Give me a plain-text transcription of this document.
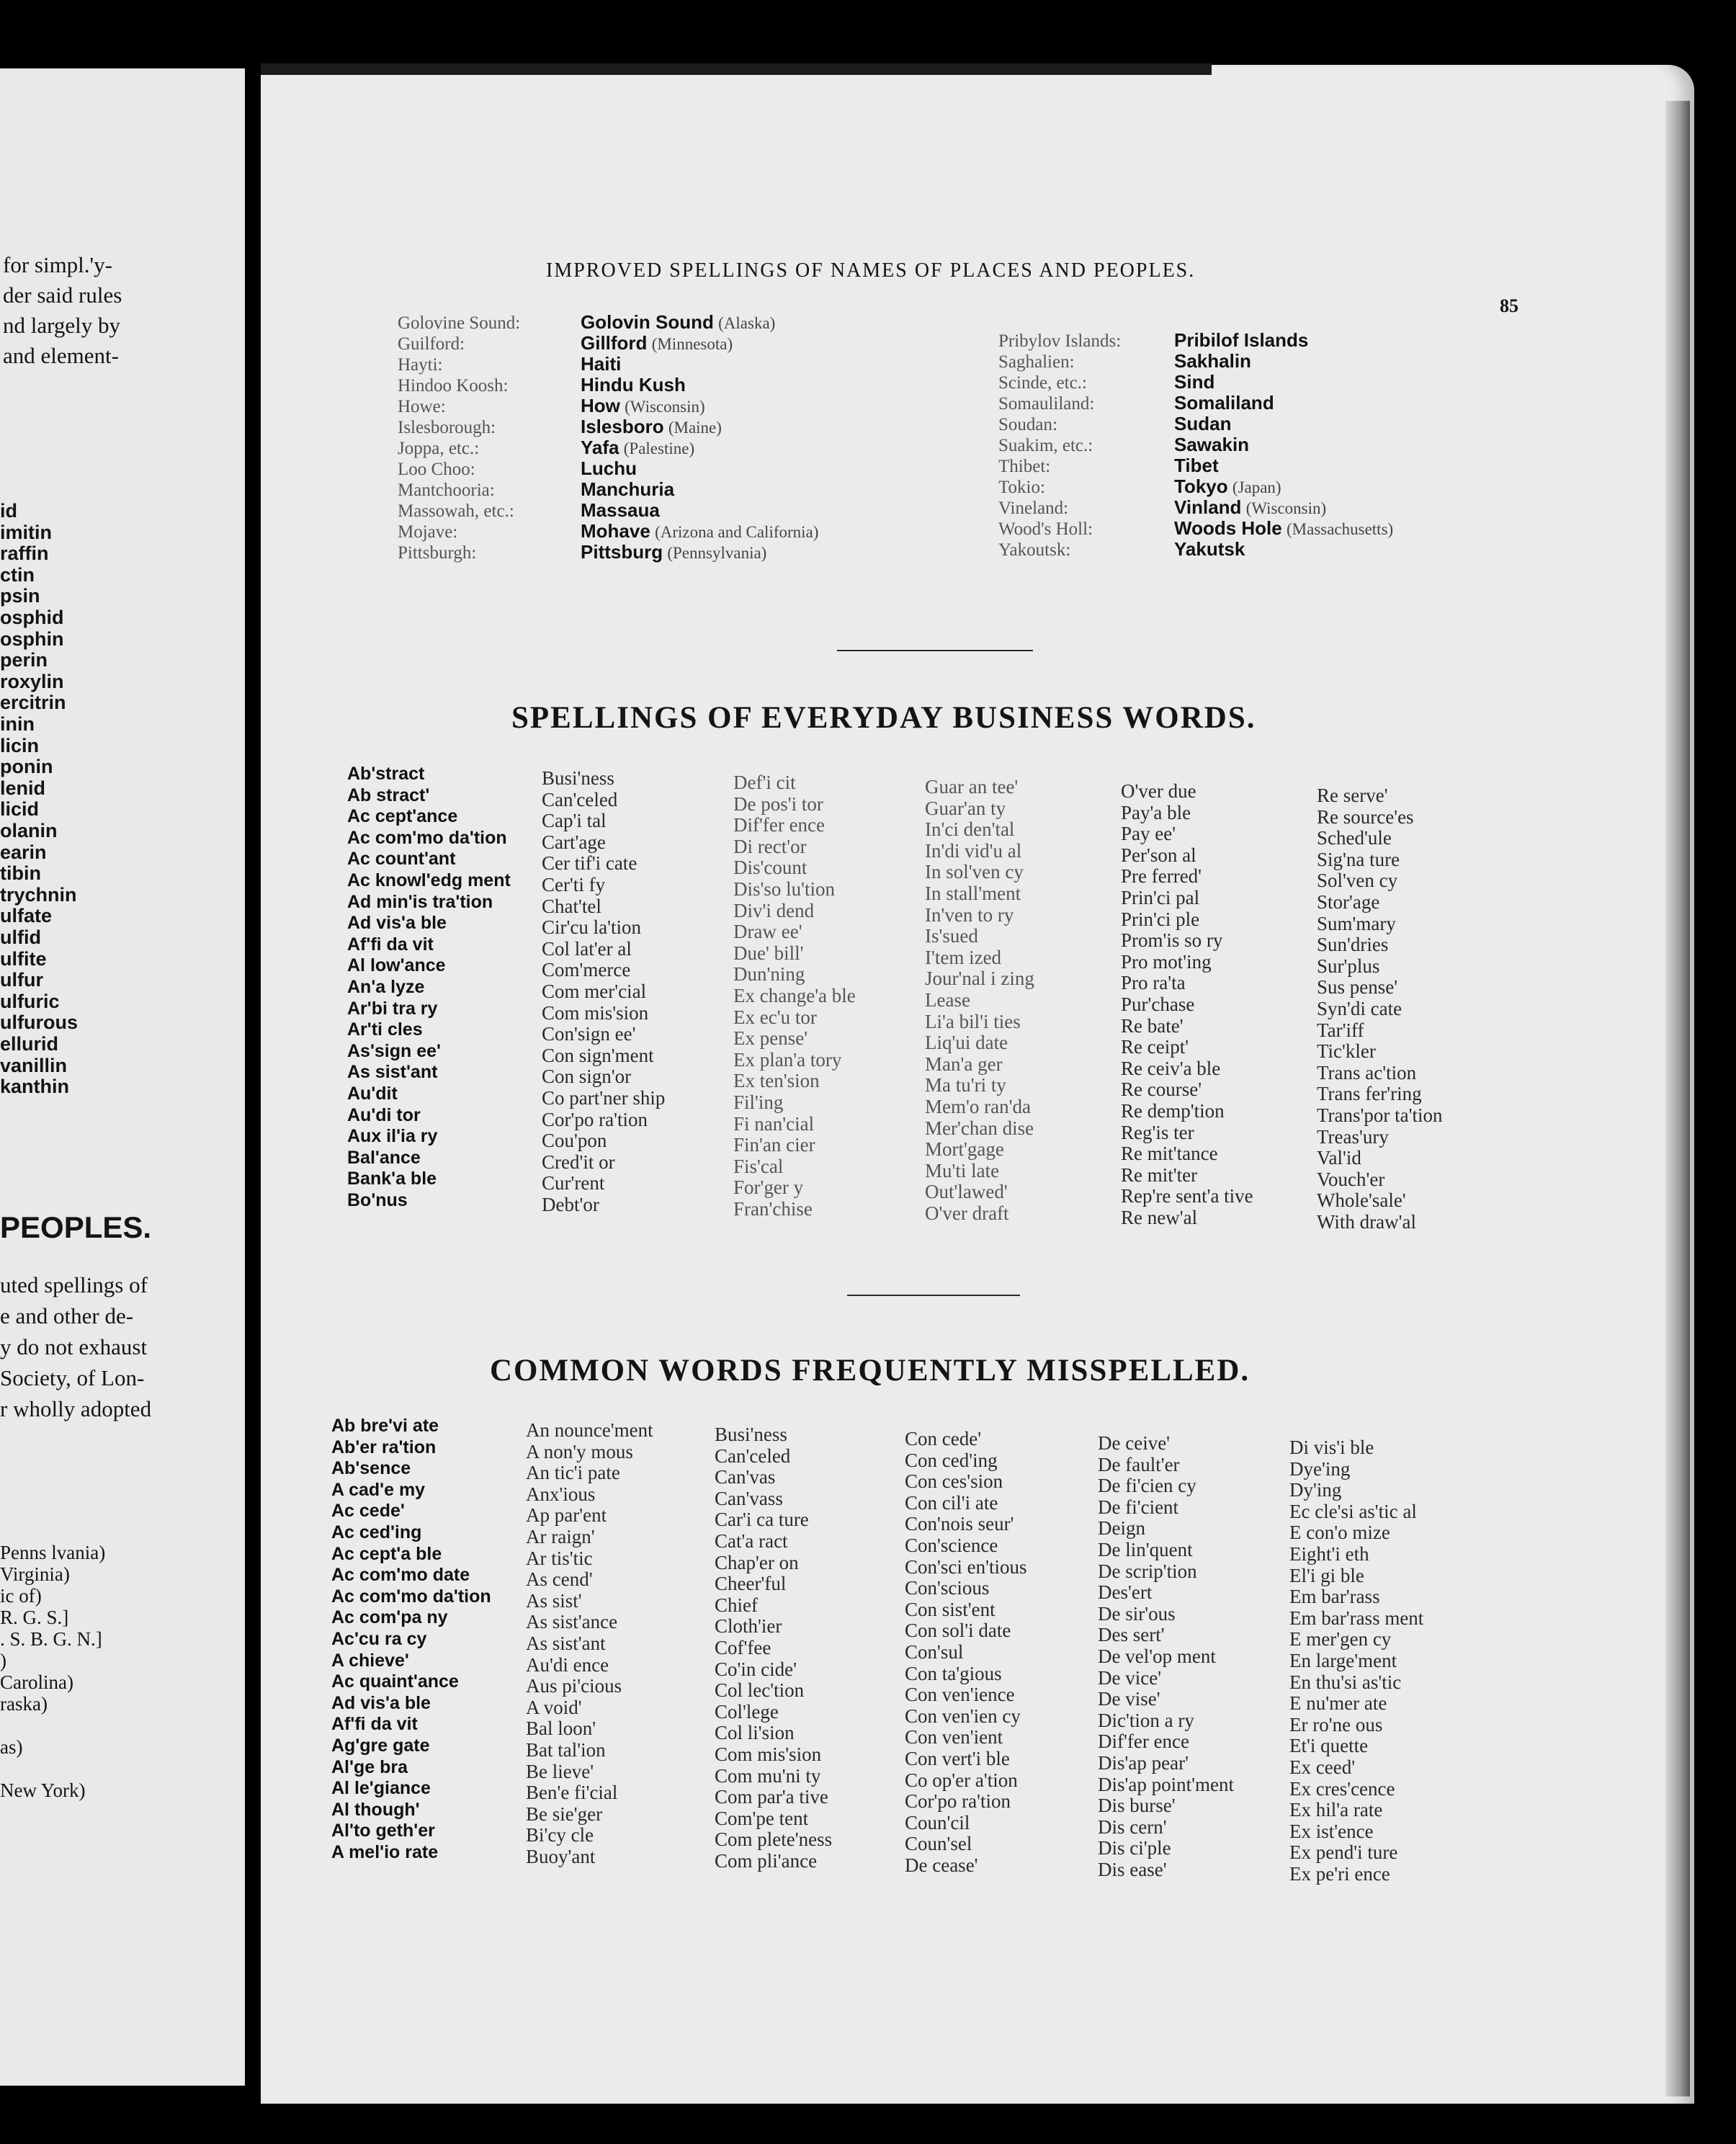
for simpl.'y-
der said rules
nd largely by
and element-
id
imitin
raffin
ctin
psin
osphid
osphin
perin
roxylin
ercitrin
inin
licin
ponin
lenid
licid
olanin
earin
tibin
trychnin
ulfate
ulfid
ulfite
ulfur
ulfuric
ulfurous
ellurid
vanillin
kanthin
PEOPLES.
uted spellings of
e and other de-
y do not exhaust
Society, of Lon-
r wholly adopted
Penns lvania)
Virginia)
ic of)
R. G. S.]
. S. B. G. N.]
)
Carolina)
raska)
as)
New York)
IMPROVED SPELLINGS OF NAMES OF PLACES AND PEOPLES.
85
Golovine Sound:	Golovin Sound (Alaska)
Guilford:	Gillford (Minnesota)
Hayti:	Haiti
Hindoo Koosh:	Hindu Kush
Howe:	How (Wisconsin)
Islesborough:	Islesboro (Maine)
Joppa, etc.:	Yafa (Palestine)
Loo Choo:	Luchu
Mantchooria:	Manchuria
Massowah, etc.:	Massaua
Mojave:	Mohave (Arizona and California)
Pittsburgh:	Pittsburg (Pennsylvania)
Pribylov Islands:	Pribilof Islands
Saghalien:	Sakhalin
Scinde, etc.:	Sind
Somauliland:	Somaliland
Soudan:	Sudan
Suakim, etc.:	Sawakin
Thibet:	Tibet
Tokio:	Tokyo (Japan)
Vineland:	Vinland (Wisconsin)
Wood's Holl:	Woods Hole (Massachusetts)
Yakoutsk:	Yakutsk
SPELLINGS OF EVERYDAY BUSINESS WORDS.
Ab'stract
Ab stract'
Ac cept'ance
Ac com'mo da'tion
Ac count'ant
Ac knowl'edg ment
Ad min'is tra'tion
Ad vis'a ble
Af'fi da vit
Al low'ance
An'a lyze
Ar'bi tra ry
Ar'ti cles
As'sign ee'
As sist'ant
Au'dit
Au'di tor
Aux il'ia ry
Bal'ance
Bank'a ble
Bo'nus
Busi'ness
Can'celed
Cap'i tal
Cart'age
Cer tif'i cate
Cer'ti fy
Chat'tel
Cir'cu la'tion
Col lat'er al
Com'merce
Com mer'cial
Com mis'sion
Con'sign ee'
Con sign'ment
Con sign'or
Co part'ner ship
Cor'po ra'tion
Cou'pon
Cred'it or
Cur'rent
Debt'or
Def'i cit
De pos'i tor
Dif'fer ence
Di rect'or
Dis'count
Dis'so lu'tion
Div'i dend
Draw ee'
Due' bill'
Dun'ning
Ex change'a ble
Ex ec'u tor
Ex pense'
Ex plan'a tory
Ex ten'sion
Fil'ing
Fi nan'cial
Fin'an cier
Fis'cal
For'ger y
Fran'chise
Guar an tee'
Guar'an ty
In'ci den'tal
In'di vid'u al
In sol'ven cy
In stall'ment
In'ven to ry
Is'sued
I'tem ized
Jour'nal i zing
Lease
Li'a bil'i ties
Liq'ui date
Man'a ger
Ma tu'ri ty
Mem'o ran'da
Mer'chan dise
Mort'gage
Mu'ti late
Out'lawed'
O'ver draft
O'ver due
Pay'a ble
Pay ee'
Per'son al
Pre ferred'
Prin'ci pal
Prin'ci ple
Prom'is so ry
Pro mot'ing
Pro ra'ta
Pur'chase
Re bate'
Re ceipt'
Re ceiv'a ble
Re course'
Re demp'tion
Reg'is ter
Re mit'tance
Re mit'ter
Rep're sent'a tive
Re new'al
Re serve'
Re source'es
Sched'ule
Sig'na ture
Sol'ven cy
Stor'age
Sum'mary
Sun'dries
Sur'plus
Sus pense'
Syn'di cate
Tar'iff
Tic'kler
Trans ac'tion
Trans fer'ring
Trans'por ta'tion
Treas'ury
Val'id
Vouch'er
Whole'sale'
With draw'al
COMMON WORDS FREQUENTLY MISSPELLED.
Ab bre'vi ate
Ab'er ra'tion
Ab'sence
A cad'e my
Ac cede'
Ac ced'ing
Ac cept'a ble
Ac com'mo date
Ac com'mo da'tion
Ac com'pa ny
Ac'cu ra cy
A chieve'
Ac quaint'ance
Ad vis'a ble
Af'fi da vit
Ag'gre gate
Al'ge bra
Al le'giance
Al though'
Al'to geth'er
A mel'io rate
An nounce'ment
A non'y mous
An tic'i pate
Anx'ious
Ap par'ent
Ar raign'
Ar tis'tic
As cend'
As sist'
As sist'ance
As sist'ant
Au'di ence
Aus pi'cious
A void'
Bal loon'
Bat tal'ion
Be lieve'
Ben'e fi'cial
Be sie'ger
Bi'cy cle
Buoy'ant
Busi'ness
Can'celed
Can'vas
Can'vass
Car'i ca ture
Cat'a ract
Chap'er on
Cheer'ful
Chief
Cloth'ier
Cof'fee
Co'in cide'
Col lec'tion
Col'lege
Col li'sion
Com mis'sion
Com mu'ni ty
Com par'a tive
Com'pe tent
Com plete'ness
Com pli'ance
Con cede'
Con ced'ing
Con ces'sion
Con cil'i ate
Con'nois seur'
Con'science
Con'sci en'tious
Con'scious
Con sist'ent
Con sol'i date
Con'sul
Con ta'gious
Con ven'ience
Con ven'ien cy
Con ven'ient
Con vert'i ble
Co op'er a'tion
Cor'po ra'tion
Coun'cil
Coun'sel
De cease'
De ceive'
De fault'er
De fi'cien cy
De fi'cient
Deign
De lin'quent
De scrip'tion
Des'ert
De sir'ous
Des sert'
De vel'op ment
De vice'
De vise'
Dic'tion a ry
Dif'fer ence
Dis'ap pear'
Dis'ap point'ment
Dis burse'
Dis cern'
Dis ci'ple
Dis ease'
Di vis'i ble
Dye'ing
Dy'ing
Ec cle'si as'tic al
E con'o mize
Eight'i eth
El'i gi ble
Em bar'rass
Em bar'rass ment
E mer'gen cy
En large'ment
En thu'si as'tic
E nu'mer ate
Er ro'ne ous
Et'i quette
Ex ceed'
Ex cres'cence
Ex hil'a rate
Ex ist'ence
Ex pend'i ture
Ex pe'ri ence
